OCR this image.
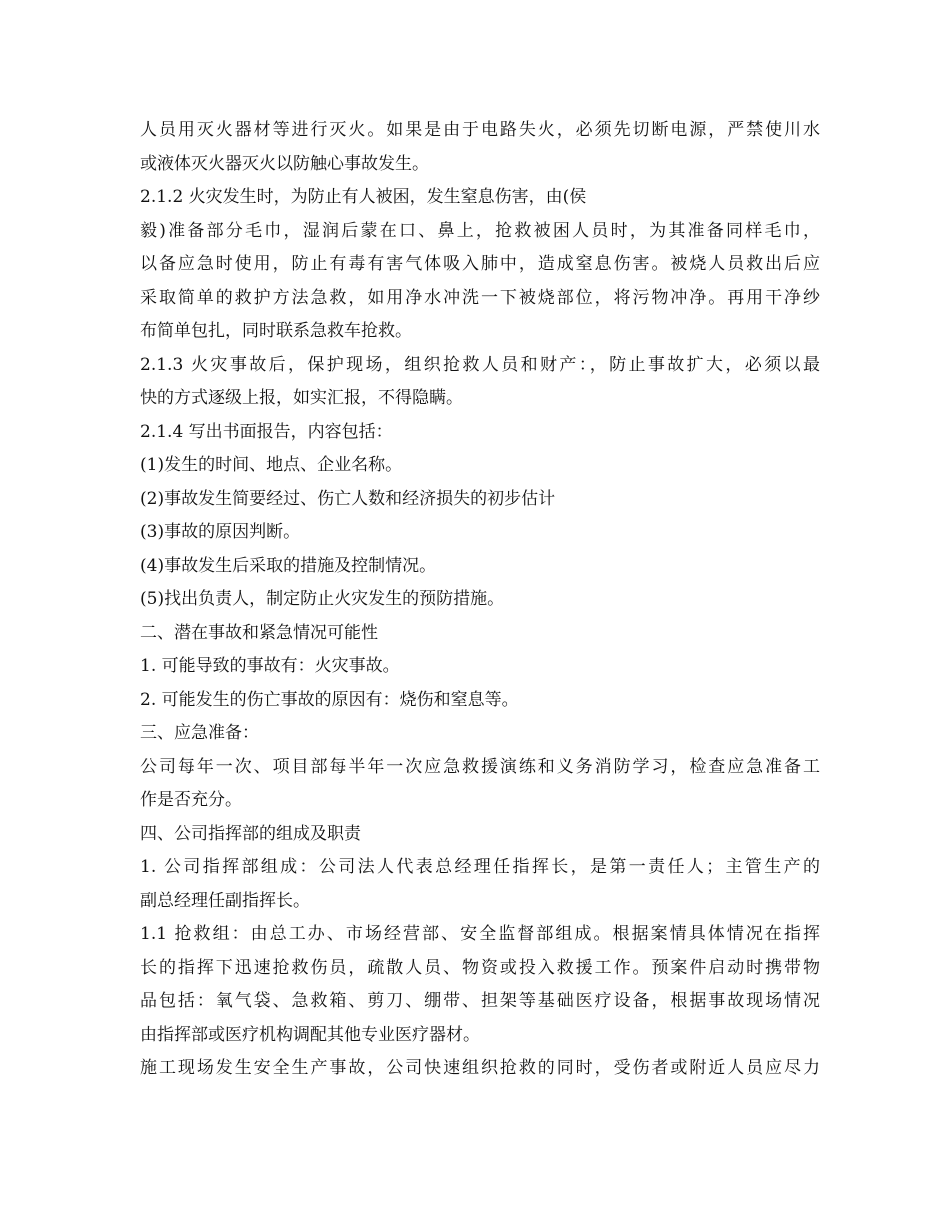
人员用灭火器材等进行灭火。如果是由于电路失火，必须先切断电源，严禁使川水
或液体灭火器灭火以防触心事故发生。
2.1.2 火灾发生时，为防止有人被困，发生窒息伤害，由(侯
毅)准备部分毛巾，湿润后蒙在口、鼻上，抢救被困人员时，为其准备同样毛巾，
以备应急时使用，防止有毒有害气体吸入肺中，造成窒息伤害。被烧人员救出后应
采取简单的救护方法急救，如用净水冲洗一下被烧部位，将污物冲净。再用干净纱
布简单包扎，同时联系急救车抢救。
2.1.3 火灾事故后，保护现场，组织抢救人员和财产：，防止事故扩大，必须以最
快的方式逐级上报，如实汇报，不得隐瞒。
2.1.4 写出书面报告，内容包括：
(1)发生的时间、地点、企业名称。
(2)事故发生简要经过、伤亡人数和经济损失的初步估计
(3)事故的原因判断。
(4)事故发生后采取的措施及控制情况。
(5)找出负责人，制定防止火灾发生的预防措施。
二、潜在事故和紧急情况可能性
1. 可能导致的事故有：火灾事故。
2. 可能发生的伤亡事故的原因有：烧伤和窒息等。
三、应急准备：
公司每年一次、项目部每半年一次应急救援演练和义务消防学习，检查应急准备工
作是否充分。
四、公司指挥部的组成及职责
1. 公司指挥部组成：公司法人代表总经理任指挥长，是第一责任人；主管生产的
副总经理任副指挥长。
1.1 抢救组：由总工办、市场经营部、安全监督部组成。根据案情具体情况在指挥
长的指挥下迅速抢救伤员，疏散人员、物资或投入救援工作。预案件启动时携带物
品包括：氧气袋、急救箱、剪刀、绷带、担架等基础医疗设备，根据事故现场情况
由指挥部或医疗机构调配其他专业医疗器材。
施工现场发生安全生产事故，公司快速组织抢救的同时，受伤者或附近人员应尽力
